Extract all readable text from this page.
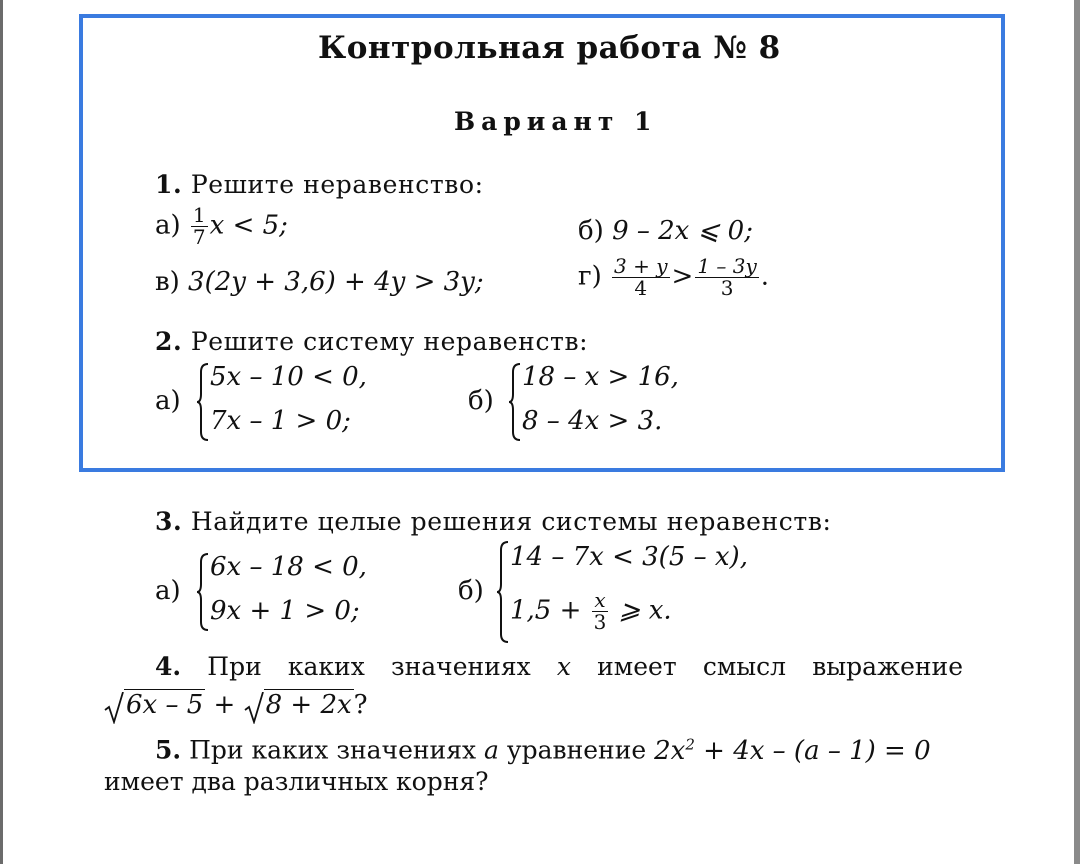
Контрольная работа № 8
Вариант 1
1. Решите неравенство:
$а) \frac{1}{7}$ x < 5;	б) 9 – 2x ⩽ 0;
в) 3(2y + 3,6) + 4y > 3y;	$г) \frac{3 + y}{4} > \frac{1 - 3y}{3}$ .
2. Решите систему неравенств:
а)
5x – 10 < 0,
7x – 1 > 0;
б)
18 – x > 16,
8 – 4x > 3.
3. Найдите целые решения системы неравенств:
а)
6x – 18 < 0,
9x + 1 > 0;
б)
14 – 7x < 3(5 – x),
$1,5 + \frac{x}{3}$ ⩾ x.
4. При каких значениях x имеет смысл выражение
6x – 5 + 8 + 2x?
5. При каких значениях a уравнение $2x^2 + 4x - (a - 1) = 0$
имеет два различных корня?
